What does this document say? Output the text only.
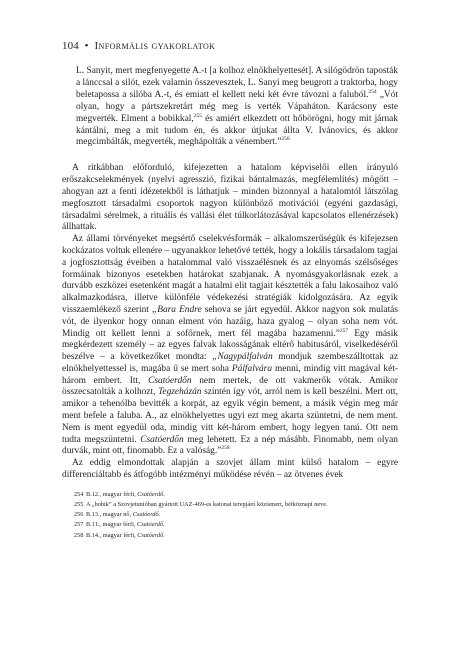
104 • Informális gyakorlatok
L. Sanyit, mert megfenyegette A.-t [a kolhoz elnökhelyettesét]. A silógödrön taposták a lánccsal a silót, ezek valamin összevesztek, L. Sanyi meg beugrott a traktorba, hogy beletapossa a silóba A.-t, és emiatt el kellett neki két évre távozni a faluból.$^{254}$ „Vót olyan, hogy a pártszekretárt még meg is verték Vápaháton. Karácsony este megverték. Elment a bobikkal,$^{255}$ és amiért elkezdett ott hőbörögni, hogy mit járnak kántálni, meg a mit tudom én, és akkor útjukat állta V. Ivánovics, és akkor megcimbálták, megverték, meghápolták a vénembert.”$^{256}$

A ritkábban előforduló, kifejezetten a hatalom képviselői ellen irányuló erőszakcselekmények (nyelvi agresszió, fizikai bántalmazás, megfélemlítés) mögött – ahogyan azt a fenti idézetekből is láthatjuk – minden bizonnyal a hatalomtól látszólag megfosztott társadalmi csoportok nagyon különböző motivációi (egyéni gazdasági, társadalmi sérelmek, a rituális és vallási élet túlkorlátozásával kapcsolatos ellenérzések) állhattak.

Az állami törvényeket megsértő cselekvésformák – alkalomszerűségük és kifejezsen kockázatos voltuk ellenére – ugyanakkor lehetővé tették, hogy a lokális társadalom tagjai a jogfosztottság éveiben a hatalommal való visszaélésnek és az elnyomás szélsőséges formáinak bizonyos esetekben határokat szabjanak. A nyomásgyakorlásnak ezek a durvább eszközei esetenként magát a hatalmi elit tagjait késztették a falu lakosaihoz való alkalmazkodásra, illetve különféle védekezési stratégiák kidolgozására. Az egyik visszaemlékező szerint „Bara Endre sehova se járt egyedül. Akkor nagyon sok mulatás vót, de ilyenkor hogy onnan elment vón hazáig, haza gyalog – olyan soha nem vót. Mindig ott kellett lenni a sofőrnek, mert fél magába hazamenni.”$^{257}$ Egy másik megkérdezett személy – az egyes falvak lakosságának eltérő habitusáról, viselkedéséről beszélve – a következőket mondta: „Nagypálfalván mondjuk szembeszálltottak az elnökhelyettessel is, magába ű se mert soha Pálfalvára menni, mindig vitt magával két-három embert. Itt, Csatóerdőn nem mertek, de ott vakmerők vótak. Amikor összecsatolták a kolhozt, Tegzeházán szintén így vót, arról nem is kell beszélni. Mert ott, amikor a tehenólba bevitték a korpát, az egyik végin bement, a másik végin meg már ment befele a faluba. A., az elnökhelyettes ugyi ezt meg akarta szüntetni, de nem ment. Nem is ment egyedül oda, mindig vitt két-három embert, hogy legyen tanú. Ott nem tudta megszüntetni. Csatóerdőn meg lehetett. Ez a nép másább. Finomabb, nem olyan durvák, mint ott, finomabb. Ez a valóság.”$^{258}$

Az eddig elmondottak alapján a szovjet állam mint külső hatalom – egyre differenciáltabb és átfogóbb intézményi működése révén – az ötvenes évek

254 B.12., magyar férfi, Csatóerdő.
255 A „bobik” a Szovjetunióban gyártott UAZ-469-es katonai terepjáró közismert, bétköznapi neve.
256 B.13., magyar nő, Csatóerdő.
257 B.11., magyar férfi, Csatóerdő.
258 B.14., magyar férfi, Csatóerdő.
